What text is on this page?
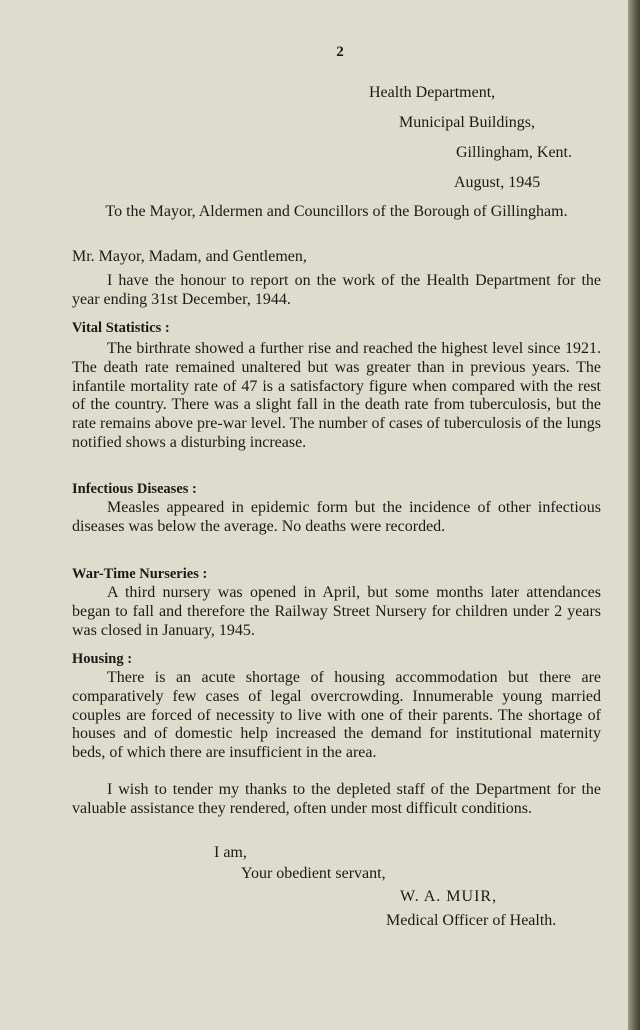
2
Health Department,
Municipal Buildings,
Gillingham, Kent.
August, 1945
To the Mayor, Aldermen and Councillors of the Borough of Gillingham.
Mr. Mayor, Madam, and Gentlemen,
I have the honour to report on the work of the Health Department for the year ending 31st December, 1944.
Vital Statistics :
The birthrate showed a further rise and reached the highest level since 1921. The death rate remained unaltered but was greater than in previous years. The infantile mortality rate of 47 is a satisfactory figure when compared with the rest of the country. There was a slight fall in the death rate from tuberculosis, but the rate remains above pre-war level. The number of cases of tuberculosis of the lungs notified shows a disturbing increase.
Infectious Diseases :
Measles appeared in epidemic form but the incidence of other infectious diseases was below the average. No deaths were recorded.
War-Time Nurseries :
A third nursery was opened in April, but some months later attendances began to fall and therefore the Railway Street Nursery for children under 2 years was closed in January, 1945.
Housing :
There is an acute shortage of housing accommodation but there are comparatively few cases of legal overcrowding. Innumerable young married couples are forced of necessity to live with one of their parents. The shortage of houses and of domestic help increased the demand for institutional maternity beds, of which there are insufficient in the area.
I wish to tender my thanks to the depleted staff of the Department for the valuable assistance they rendered, often under most difficult conditions.
I am,
Your obedient servant,
W. A. MUIR,
Medical Officer of Health.
